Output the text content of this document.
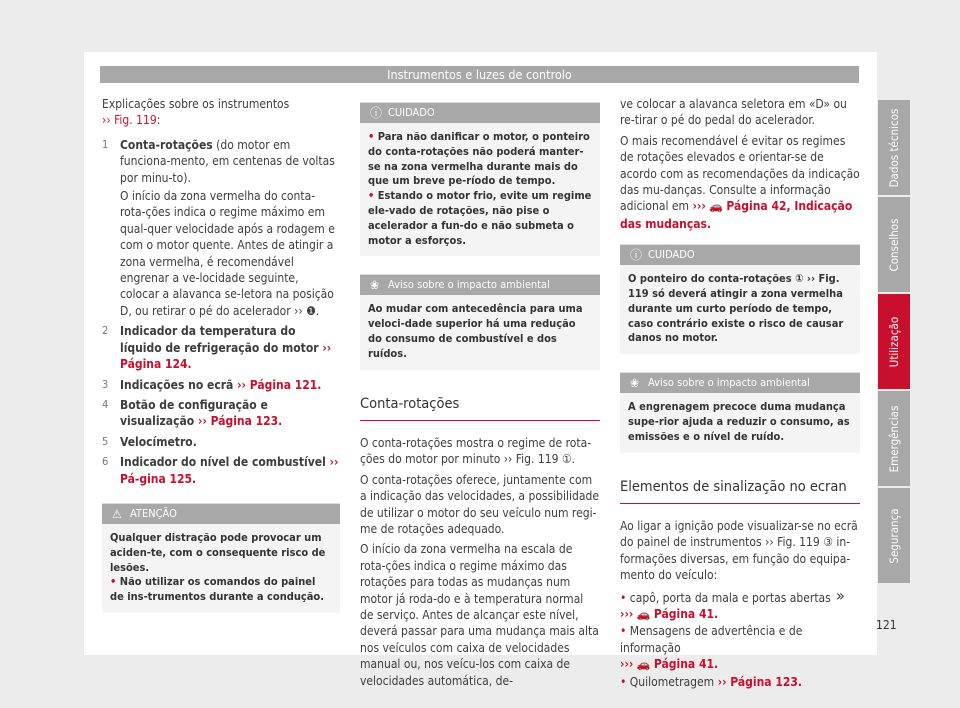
Instrumentos e luzes de controlo
Dados técnicos
Conselhos
Utilização
Emergências
Segurança

Explicações sobre os instrumentos
›› Fig. 119:

1 Conta-rotações (do motor em funciona-mento, em centenas de voltas por minu-to).

O início da zona vermelha do conta-rota-ções indica o regime máximo em qual-quer velocidade após a rodagem e com o motor quente. Antes de atingir a zona vermelha, é recomendável engrenar a ve-locidade seguinte, colocar a alavanca se-letora na posição D, ou retirar o pé do acelerador ›› ❶.

2 Indicador da temperatura do líquido de refrigeração do motor ›› Página 124.
3 Indicações no ecrã ›› Página 121.
4 Botão de configuração e visualização ›› Página 123.
5 Velocímetro.
6 Indicador do nível de combustível ›› Pá-gina 125.
⚠ ATENÇÃO

Qualquer distração pode provocar um aciden-te, com o consequente risco de lesões.

• Não utilizar os comandos do painel de ins-trumentos durante a condução.

ⓘ CUIDADO

• Para não danificar o motor, o ponteiro do conta-rotações não poderá manter-se na zona vermelha durante mais do que um breve pe-ríodo de tempo.

• Estando o motor frio, evite um regime ele-vado de rotações, não pise o acelerador a fun-do e não submeta o motor a esforços.

❀ Aviso sobre o impacto ambiental

Ao mudar com antecedência para uma veloci-dade superior há uma redução do consumo de combustível e dos ruídos.

Conta-rotações

O conta-rotações mostra o regime de rota-ções do motor por minuto ›› Fig. 119 ①.

O conta-rotações oferece, juntamente com a indicação das velocidades, a possibilidade de utilizar o motor do seu veículo num regi-me de rotações adequado.

O início da zona vermelha na escala de rota-ções indica o regime máximo das rotações para todas as mudanças num motor já roda-do e à temperatura normal de serviço. Antes de alcançar este nível, deverá passar para uma mudança mais alta nos veículos com caixa de velocidades manual ou, nos veícu-los com caixa de velocidades automática, de-

ve colocar a alavanca seletora em «D» ou re-tirar o pé do pedal do acelerador.

O mais recomendável é evitar os regimes de rotações elevados e orientar-se de acordo com as recomendações da indicação das mu-danças. Consulte a informação adicional em ››› 🚗 Página 42, Indicação das mudanças.

ⓘ CUIDADO

O ponteiro do conta-rotações ① ›› Fig. 119 só deverá atingir a zona vermelha durante um curto período de tempo, caso contrário existe o risco de causar danos no motor.

❀ Aviso sobre o impacto ambiental

A engrenagem precoce duma mudança supe-rior ajuda a reduzir o consumo, as emissões e o nível de ruído.

Elementos de sinalização no ecran

Ao ligar a ignição pode visualizar-se no ecrã do painel de instrumentos ›› Fig. 119 ③ in-formações diversas, em função do equipa-mento do veículo:

• capô, porta da mala e portas abertas
››› 🚗 Página 41.

• Mensagens de advertência e de informação
››› 🚗 Página 41.

• Quilometragem ›› Página 123.

»
121
